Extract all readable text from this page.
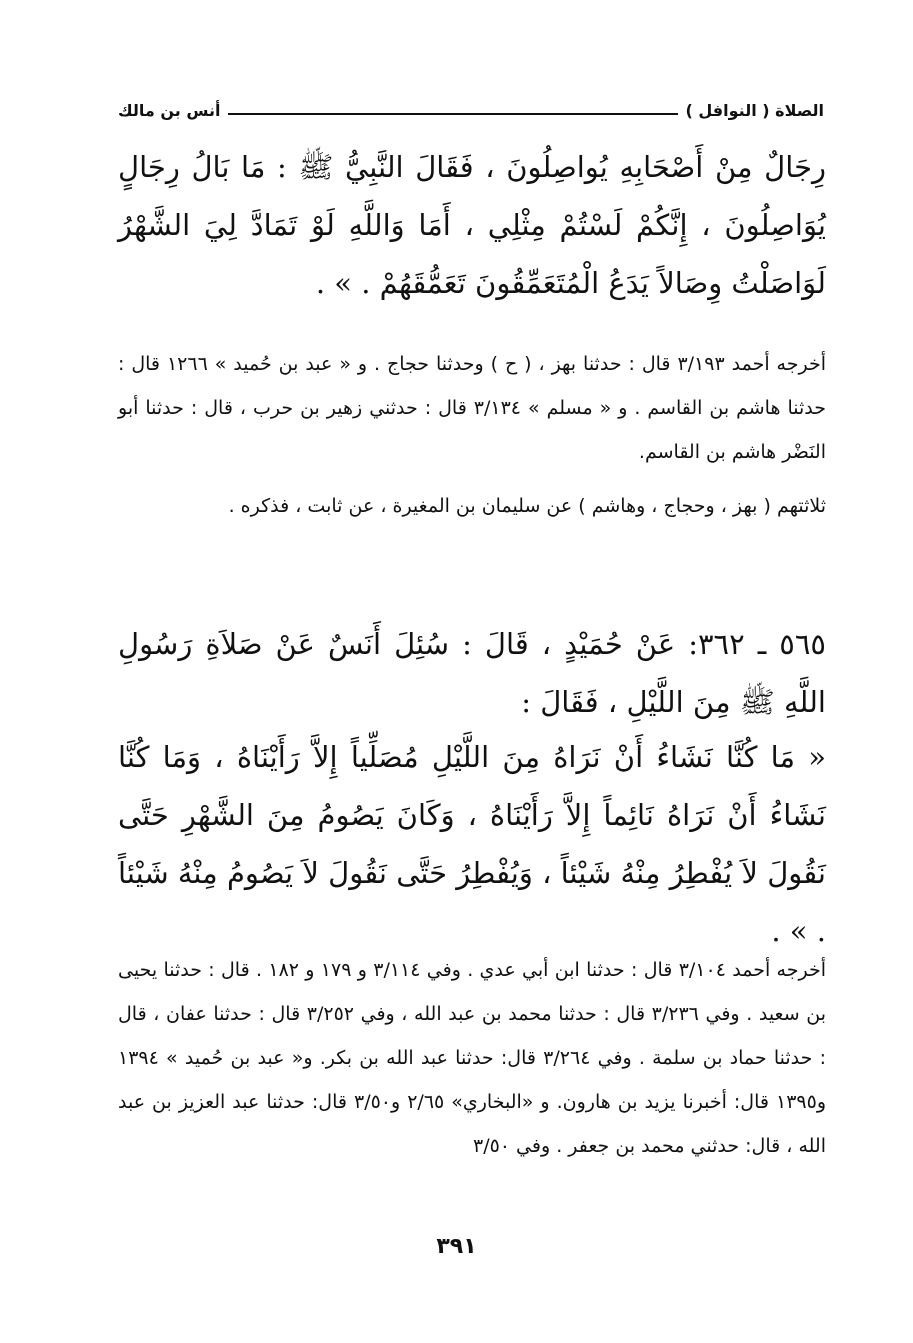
الصلاة ( النوافل )
أنس بن مالك
رِجَالٌ مِنْ أَصْحَابِهِ يُواصِلُونَ ، فَقَالَ النَّبِيُّ ﷺ : مَا بَالُ رِجَالٍ يُوَاصِلُونَ ، إِنَّكُمْ لَسْتُمْ مِثْلِي ، أَمَا وَاللَّهِ لَوْ تَمَادَّ لِيَ الشَّهْرُ لَوَاصَلْتُ وِصَالاً يَدَعُ الْمُتَعَمِّقُونَ تَعَمُّقَهُمْ . » .
أخرجه أحمد ٣/١٩٣ قال : حدثنا بهز ، ( ح ) وحدثنا حجاج . و « عبد بن حُميد » ١٢٦٦ قال : حدثنا هاشم بن القاسم . و « مسلم » ٣/١٣٤ قال : حدثني زهير بن حرب ، قال : حدثنا أبو النَضْر هاشم بن القاسم.
ثلاثتهم ( بهز ، وحجاج ، وهاشم ) عن سليمان بن المغيرة ، عن ثابت ، فذكره .
٥٦٥ ـ ٣٦٢: عَنْ حُمَيْدٍ ، قَالَ : سُئِلَ أَنَسٌ عَنْ صَلاَةِ رَسُولِ اللَّهِ ﷺ مِنَ اللَّيْلِ ، فَقَالَ :
« مَا كُنَّا نَشَاءُ أَنْ نَرَاهُ مِنَ اللَّيْلِ مُصَلِّياً إِلاَّ رَأَيْنَاهُ ، وَمَا كُنَّا نَشَاءُ أَنْ نَرَاهُ نَائِماً إِلاَّ رَأَيْنَاهُ ، وَكَانَ يَصُومُ مِنَ الشَّهْرِ حَتَّى نَقُولَ لاَ يُفْطِرُ مِنْهُ شَيْئاً ، وَيُفْطِرُ حَتَّى نَقُولَ لاَ يَصُومُ مِنْهُ شَيْئاً . » .
أخرجه أحمد ٣/١٠٤ قال : حدثنا ابن أبي عدي . وفي ٣/١١٤ و ١٧٩ و ١٨٢ . قال : حدثنا يحيى بن سعيد . وفي ٣/٢٣٦ قال : حدثنا محمد بن عبد الله ، وفي ٣/٢٥٢ قال : حدثنا عفان ، قال : حدثنا حماد بن سلمة . وفي ٣/٢٦٤ قال: حدثنا عبد الله بن بكر. و« عبد بن حُميد » ١٣٩٤ و١٣٩٥ قال: أخبرنا يزيد بن هارون. و «البخاري» ٢/٦٥ و٣/٥٠ قال: حدثنا عبد العزيز بن عبد الله ، قال: حدثني محمد بن جعفر . وفي ٣/٥٠
٣٩١
